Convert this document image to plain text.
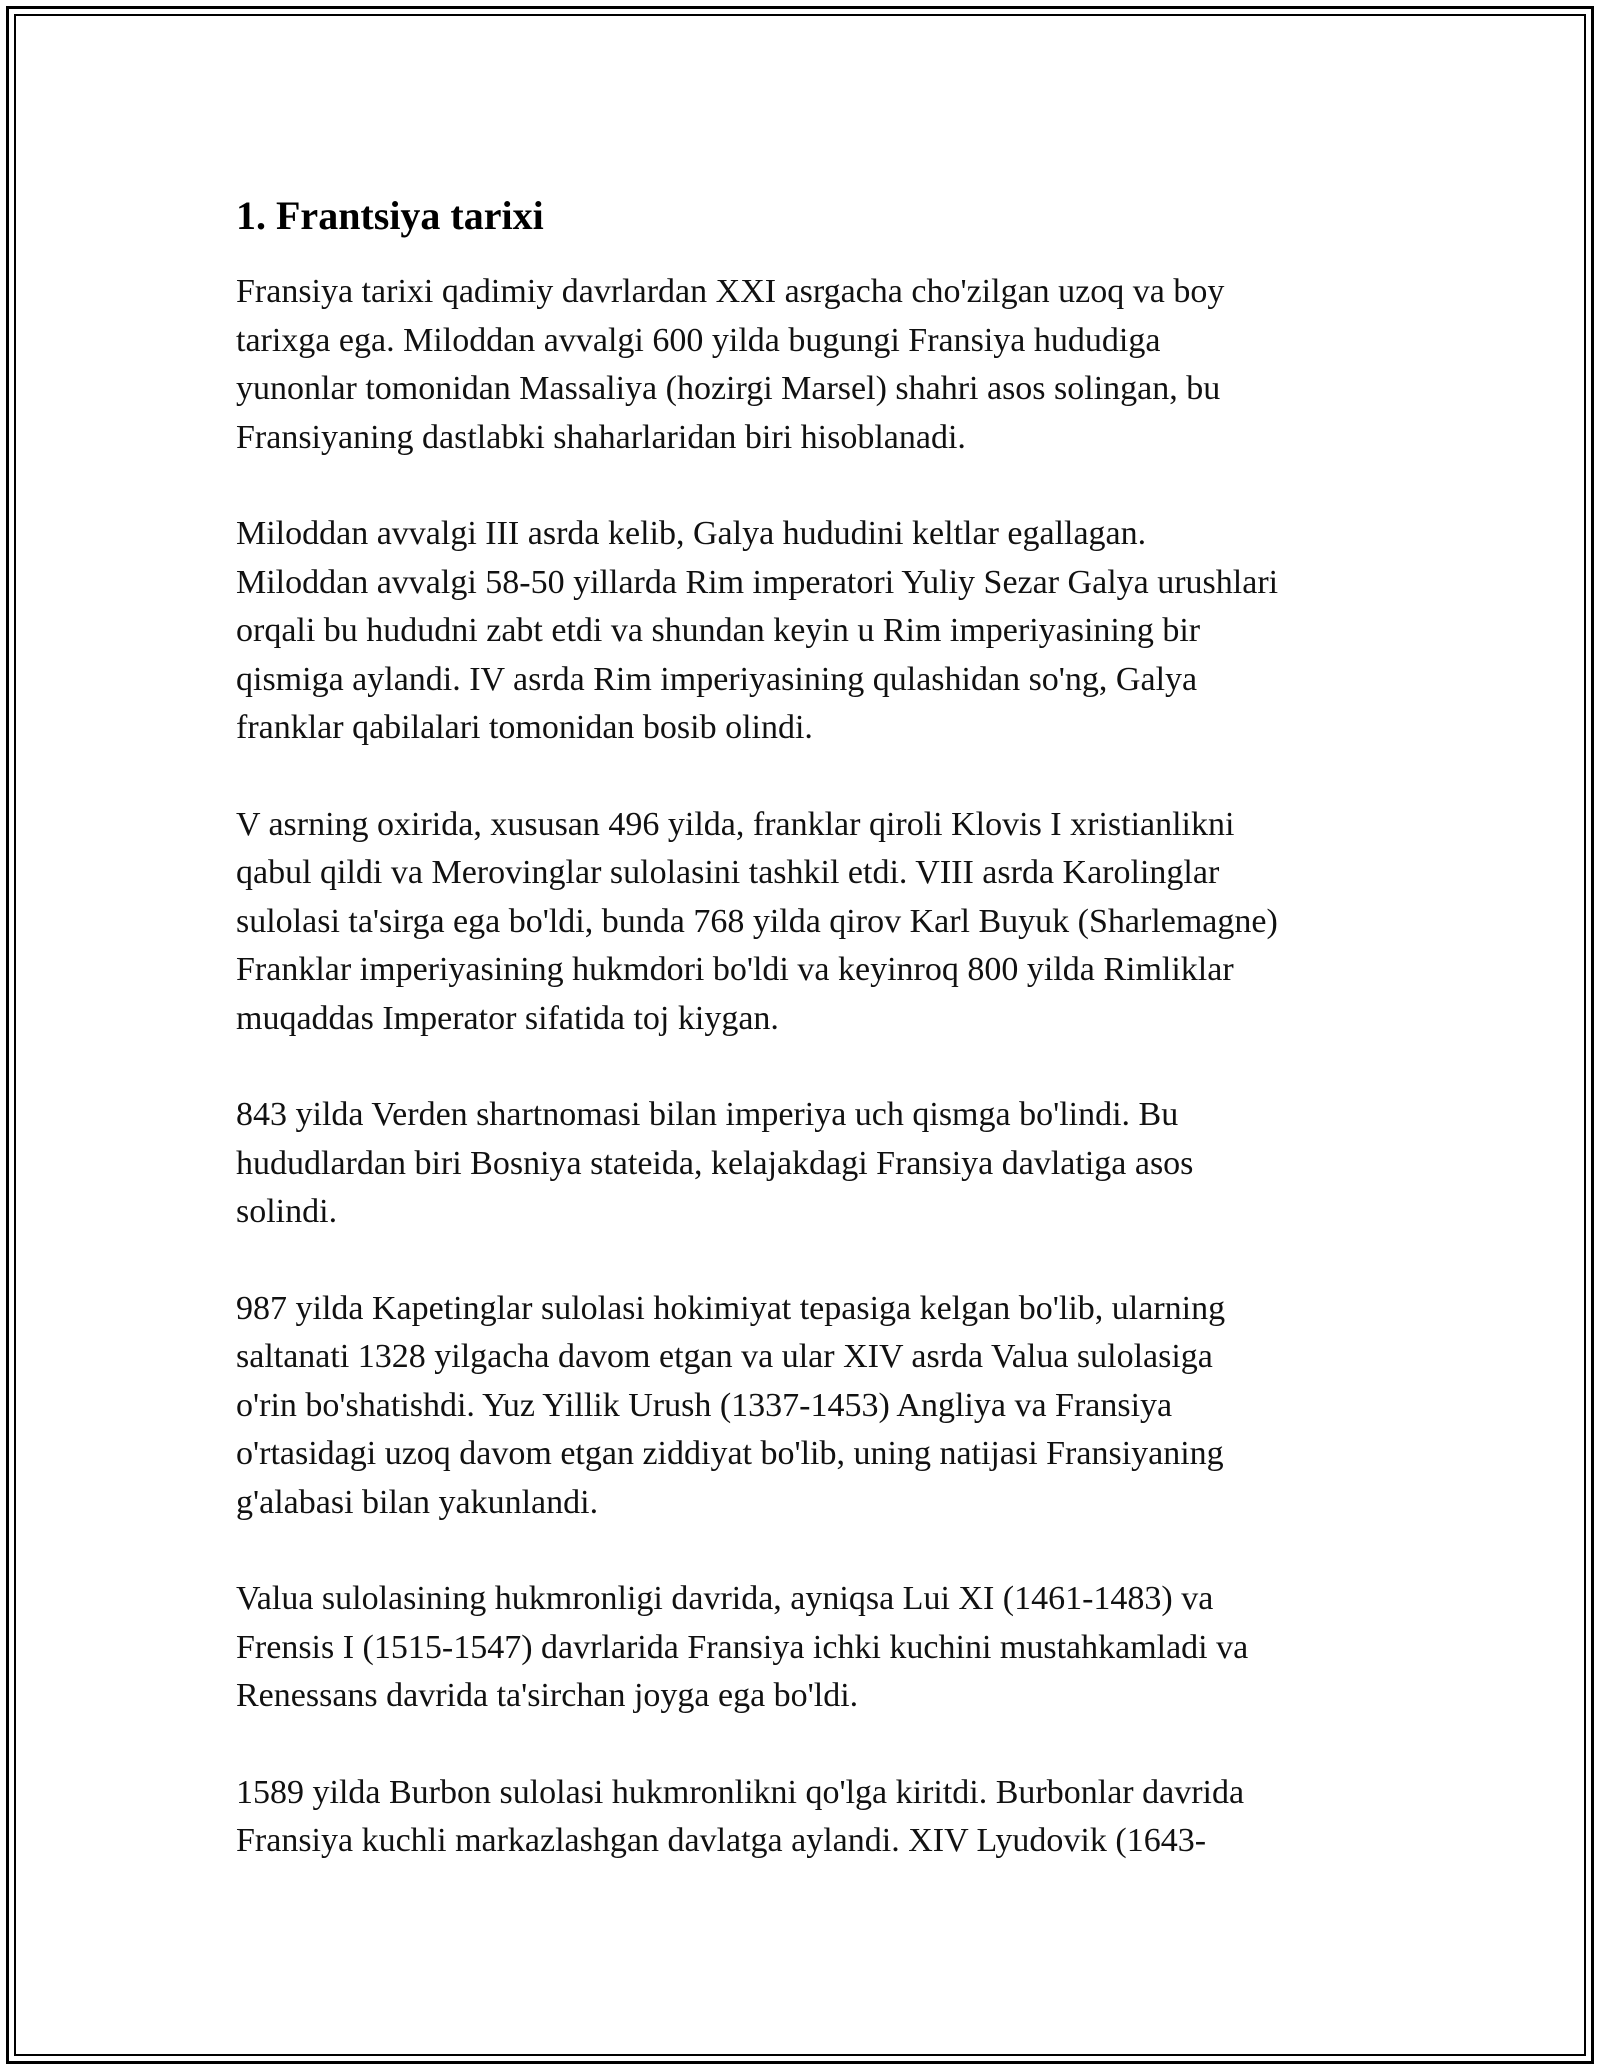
1. Frantsiya tarixi

Fransiya tarixi qadimiy davrlardan XXI asrgacha cho'zilgan uzoq va boy
tarixga ega. Miloddan avvalgi 600 yilda bugungi Fransiya hududiga
yunonlar tomonidan Massaliya (hozirgi Marsel) shahri asos solingan, bu
Fransiyaning dastlabki shaharlaridan biri hisoblanadi.

Miloddan avvalgi III asrda kelib, Galya hududini keltlar egallagan.
Miloddan avvalgi 58-50 yillarda Rim imperatori Yuliy Sezar Galya urushlari
orqali bu hududni zabt etdi va shundan keyin u Rim imperiyasining bir
qismiga aylandi. IV asrda Rim imperiyasining qulashidan so'ng, Galya
franklar qabilalari tomonidan bosib olindi.

V asrning oxirida, xususan 496 yilda, franklar qiroli Klovis I xristianlikni
qabul qildi va Merovinglar sulolasini tashkil etdi. VIII asrda Karolinglar
sulolasi ta'sirga ega bo'ldi, bunda 768 yilda qirov Karl Buyuk (Sharlemagne)
Franklar imperiyasining hukmdori bo'ldi va keyinroq 800 yilda Rimliklar
muqaddas Imperator sifatida toj kiygan.

843 yilda Verden shartnomasi bilan imperiya uch qismga bo'lindi. Bu
hududlardan biri Bosniya stateida, kelajakdagi Fransiya davlatiga asos
solindi.

987 yilda Kapetinglar sulolasi hokimiyat tepasiga kelgan bo'lib, ularning
saltanati 1328 yilgacha davom etgan va ular XIV asrda Valua sulolasiga
o'rin bo'shatishdi. Yuz Yillik Urush (1337-1453) Angliya va Fransiya
o'rtasidagi uzoq davom etgan ziddiyat bo'lib, uning natijasi Fransiyaning
g'alabasi bilan yakunlandi.

Valua sulolasining hukmronligi davrida, ayniqsa Lui XI (1461-1483) va
Frensis I (1515-1547) davrlarida Fransiya ichki kuchini mustahkamladi va
Renessans davrida ta'sirchan joyga ega bo'ldi.

1589 yilda Burbon sulolasi hukmronlikni qo'lga kiritdi. Burbonlar davrida
Fransiya kuchli markazlashgan davlatga aylandi. XIV Lyudovik (1643-
